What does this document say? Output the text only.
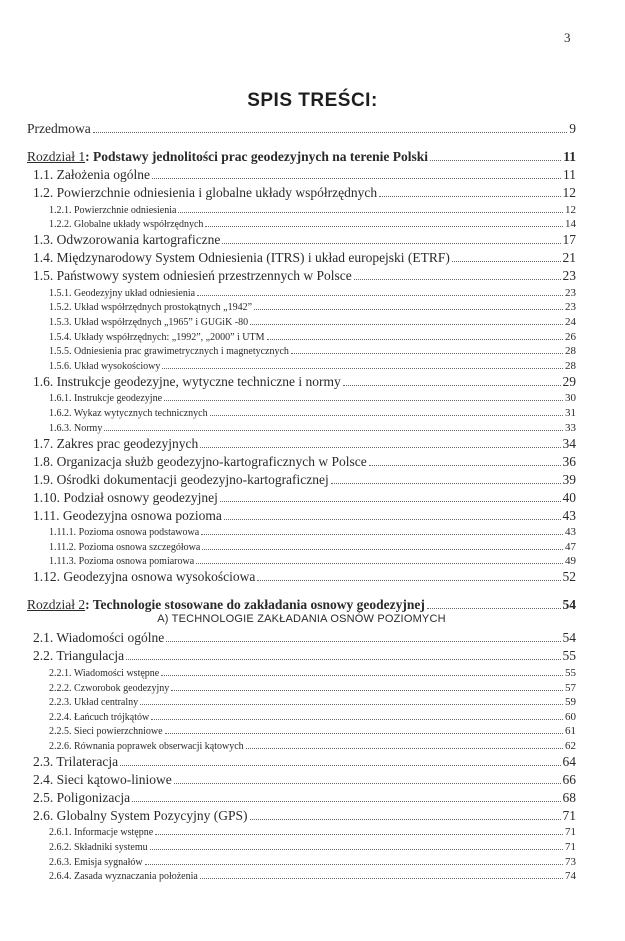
3
SPIS TREŚCI:
Przedmowa	9
Rozdział 1: Podstawy jednolitości prac geodezyjnych na terenie Polski	11
1.1. Założenia ogólne	11
1.2. Powierzchnie odniesienia i globalne układy współrzędnych	12
1.2.1. Powierzchnie odniesienia	12
1.2.2. Globalne układy współrzędnych	14
1.3. Odwzorowania kartograficzne	17
1.4. Międzynarodowy System Odniesienia (ITRS) i układ europejski (ETRF)	21
1.5. Państwowy system odniesień przestrzennych w Polsce	23
1.5.1. Geodezyjny układ odniesienia	23
1.5.2. Układ współrzędnych prostokątnych „1942”	23
1.5.3. Układ współrzędnych „1965” i GUGiK -80	24
1.5.4. Układy współrzędnych: „1992”, „2000” i UTM	26
1.5.5. Odniesienia prac grawimetrycznych i magnetycznych	28
1.5.6. Układ wysokościowy	28
1.6. Instrukcje geodezyjne, wytyczne techniczne i normy	29
1.6.1. Instrukcje geodezyjne	30
1.6.2. Wykaz wytycznych technicznych	31
1.6.3. Normy	33
1.7. Zakres prac geodezyjnych	34
1.8. Organizacja służb geodezyjno-kartograficznych w Polsce	36
1.9. Ośrodki dokumentacji geodezyjno-kartograficznej	39
1.10. Podział osnowy geodezyjnej	40
1.11. Geodezyjna osnowa pozioma	43
1.11.1. Pozioma osnowa podstawowa	43
1.11.2. Pozioma osnowa szczegółowa	47
1.11.3. Pozioma osnowa pomiarowa	49
1.12. Geodezyjna osnowa wysokościowa	52
Rozdział 2: Technologie stosowane do zakładania osnowy geodezyjnej	54
A) TECHNOLOGIE ZAKŁADANIA OSNÓW POZIOMYCH
2.1. Wiadomości ogólne	54
2.2. Triangulacja	55
2.2.1. Wiadomości wstępne	55
2.2.2. Czworobok geodezyjny	57
2.2.3. Układ centralny	59
2.2.4. Łańcuch trójkątów	60
2.2.5. Sieci powierzchniowe	61
2.2.6. Równania poprawek obserwacji kątowych	62
2.3. Trilateracja	64
2.4. Sieci kątowo-liniowe	66
2.5. Poligonizacja	68
2.6. Globalny System Pozycyjny (GPS)	71
2.6.1. Informacje wstępne	71
2.6.2. Składniki systemu	71
2.6.3. Emisja sygnałów	73
2.6.4. Zasada wyznaczania położenia	74
